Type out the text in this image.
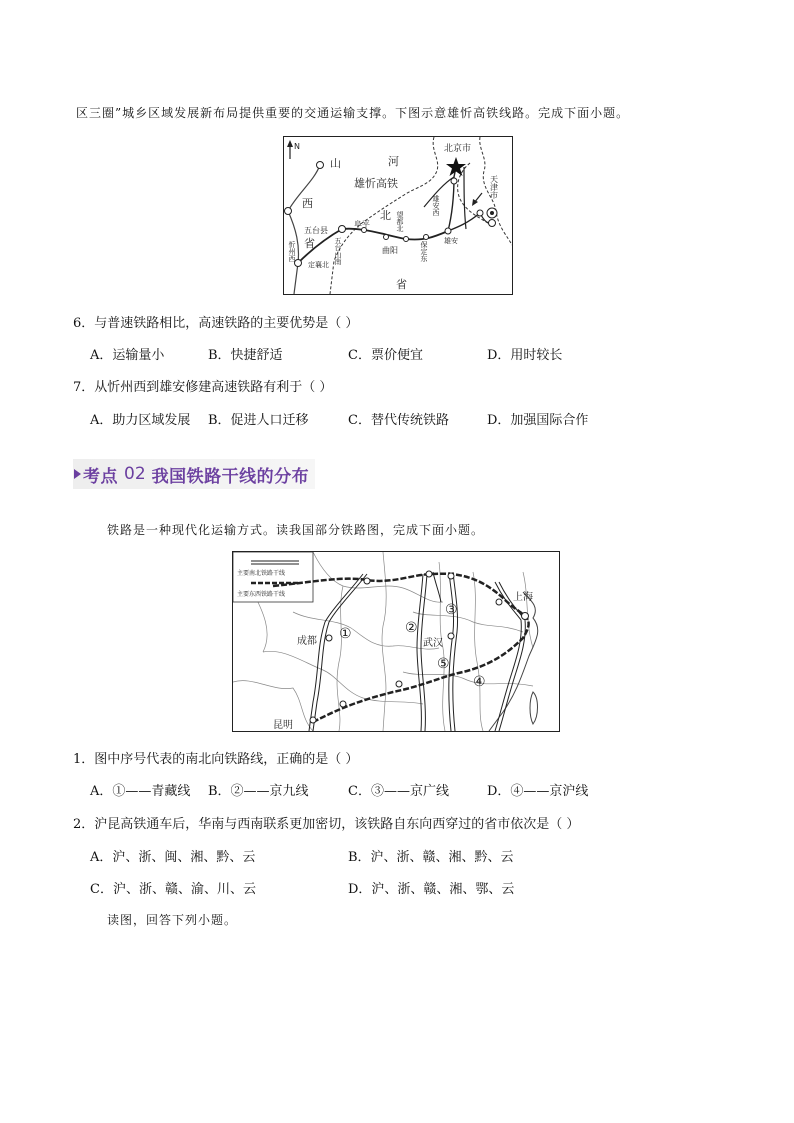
区三圈”城乡区域发展新布局提供重要的交通运输支撑。下图示意雄忻高铁线路。完成下面小题。
N
山	河
西
雄忻高铁
北
省
省
北京市
五台县
阜平
曲阳
天津市
忻州西
定襄北 五台山南
望都北
保定东
雄安西
雄安
6．与普速铁路相比，高速铁路的主要优势是（ ）
A．运输量小	B．快捷舒适	C．票价便宜	D．用时较长
7．从忻州西到雄安修建高速铁路有利于（ ）
A．助力区域发展 B．促进人口迁移	C．替代传统铁路	D．加强国际合作
考点 02 我国铁路干线的分布
铁路是一种现代化运输方式。读我国部分铁路图，完成下面小题。
主要南北铁路干线
主要东西铁路干线
成都	武汉
上海
昆明
①	②
③
④
⑤
1．图中序号代表的南北向铁路线，正确的是（ ）
A．①——青藏线 B．②——京九线	C．③——京广线	D．④——京沪线
2．沪昆高铁通车后，华南与西南联系更加密切，该铁路自东向西穿过的省市依次是（ ）
A．沪、浙、闽、湘、黔、云	B．沪、浙、赣、湘、黔、云
C．沪、浙、赣、渝、川、云	D．沪、浙、赣、湘、鄂、云
读图，回答下列小题。
